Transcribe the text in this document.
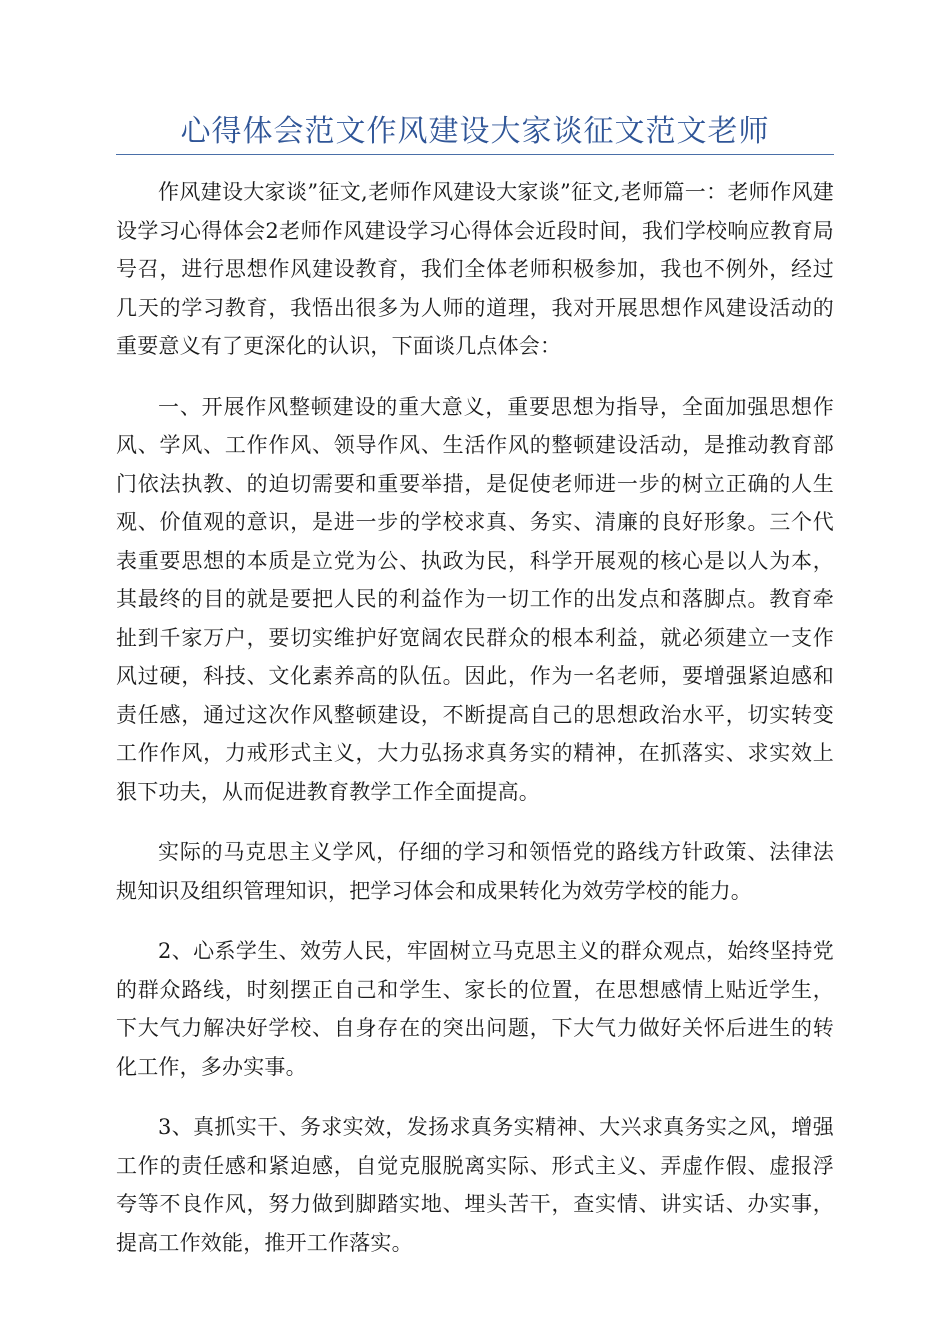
心得体会范文作风建设大家谈征文范文老师

作风建设大家谈”征文,老师作风建设大家谈”征文,老师篇一：老师作风建设学习心得体会2老师作风建设学习心得体会近段时间，我们学校响应教育局号召，进行思想作风建设教育，我们全体老师积极参加，我也不例外，经过几天的学习教育，我悟出很多为人师的道理，我对开展思想作风建设活动的重要意义有了更深化的认识，下面谈几点体会：

一、开展作风整顿建设的重大意义，重要思想为指导，全面加强思想作风、学风、工作作风、领导作风、生活作风的整顿建设活动，是推动教育部门依法执教、的迫切需要和重要举措，是促使老师进一步的树立正确的人生观、价值观的意识，是进一步的学校求真、务实、清廉的良好形象。三个代表重要思想的本质是立党为公、执政为民，科学开展观的核心是以人为本，其最终的目的就是要把人民的利益作为一切工作的出发点和落脚点。教育牵扯到千家万户，要切实维护好宽阔农民群众的根本利益，就必须建立一支作风过硬，科技、文化素养高的队伍。因此，作为一名老师，要增强紧迫感和责任感，通过这次作风整顿建设，不断提高自己的思想政治水平，切实转变工作作风，力戒形式主义，大力弘扬求真务实的精神，在抓落实、求实效上狠下功夫，从而促进教育教学工作全面提高。

实际的马克思主义学风，仔细的学习和领悟党的路线方针政策、法律法规知识及组织管理知识，把学习体会和成果转化为效劳学校的能力。

2、心系学生、效劳人民，牢固树立马克思主义的群众观点，始终坚持党的群众路线，时刻摆正自己和学生、家长的位置，在思想感情上贴近学生，下大气力解决好学校、自身存在的突出问题，下大气力做好关怀后进生的转化工作，多办实事。

3、真抓实干、务求实效，发扬求真务实精神、大兴求真务实之风，增强工作的责任感和紧迫感，自觉克服脱离实际、形式主义、弄虚作假、虚报浮夸等不良作风，努力做到脚踏实地、埋头苦干，查实情、讲实话、办实事，提高工作效能，推开工作落实。
